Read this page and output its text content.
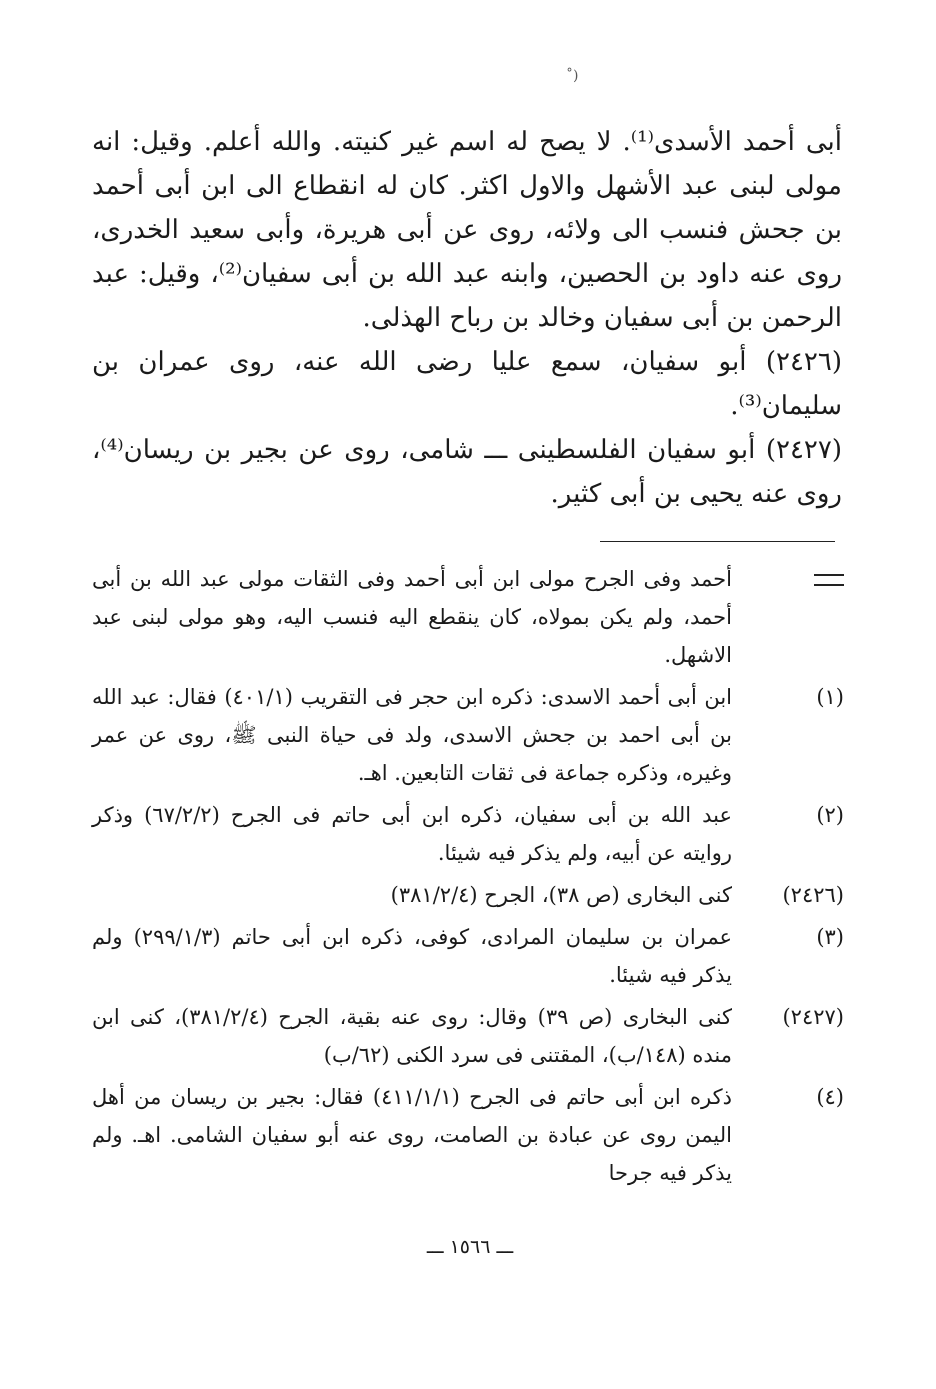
˚)

أبى أحمد الأسدى⁽¹⁾. لا يصح له اسم غير كنيته. والله أعلم. وقيل: انه مولى لبنى عبد الأشهل والاول اكثر. كان له انقطاع الى ابن أبى أحمد بن جحش فنسب الى ولائه، روى عن أبى هريرة، وأبى سعيد الخدرى، روى عنه داود بن الحصين، وابنه عبد الله بن أبى سفيان⁽²⁾، وقيل: عبد الرحمن بن أبى سفيان وخالد بن رباح الهذلى.

(٢٤٢٦) أبو سفيان، سمع عليا رضى الله عنه، روى عمران بن سليمان⁽³⁾.

(٢٤٢٧) أبو سفيان الفلسطينى ـــ شامى، روى عن بجير بن ريسان⁽⁴⁾، روى عنه يحيى بن أبى كثير.

أحمد وفى الجرح مولى ابن أبى أحمد وفى الثقات مولى عبد الله بن أبى أحمد، ولم يكن بمولاه، كان ينقطع اليه فنسب اليه، وهو مولى لبنى عبد الاشهل.
(١)
ابن أبى أحمد الاسدى: ذكره ابن حجر فى التقريب (٤٠١/١) فقال: عبد الله بن أبى احمد بن جحش الاسدى، ولد فى حياة النبى ﷺ، روى عن عمر وغيره، وذكره جماعة فى ثقات التابعين. اهـ.
(٢)
عبد الله بن أبى سفيان، ذكره ابن أبى حاتم فى الجرح (٦٧/٢/٢) وذكر روايته عن أبيه، ولم يذكر فيه شيئا.
(٢٤٢٦)
كنى البخارى (ص ٣٨)، الجرح (٣٨١/٢/٤)
(٣)
عمران بن سليمان المرادى، كوفى، ذكره ابن أبى حاتم (٢٩٩/١/٣) ولم يذكر فيه شيئا.
(٢٤٢٧)
كنى البخارى (ص ٣٩) وقال: روى عنه بقية، الجرح (٣٨١/٢/٤)، كنى ابن منده (١٤٨/ب)، المقتنى فى سرد الكنى (٦٢/ب)
(٤)
ذكره ابن أبى حاتم فى الجرح (٤١١/١/١) فقال: بجير بن ريسان من أهل اليمن روى عن عبادة بن الصامت، روى عنه أبو سفيان الشامى. اهـ. ولم يذكر فيه جرحا
ـــ ١٥٦٦ ـــ
